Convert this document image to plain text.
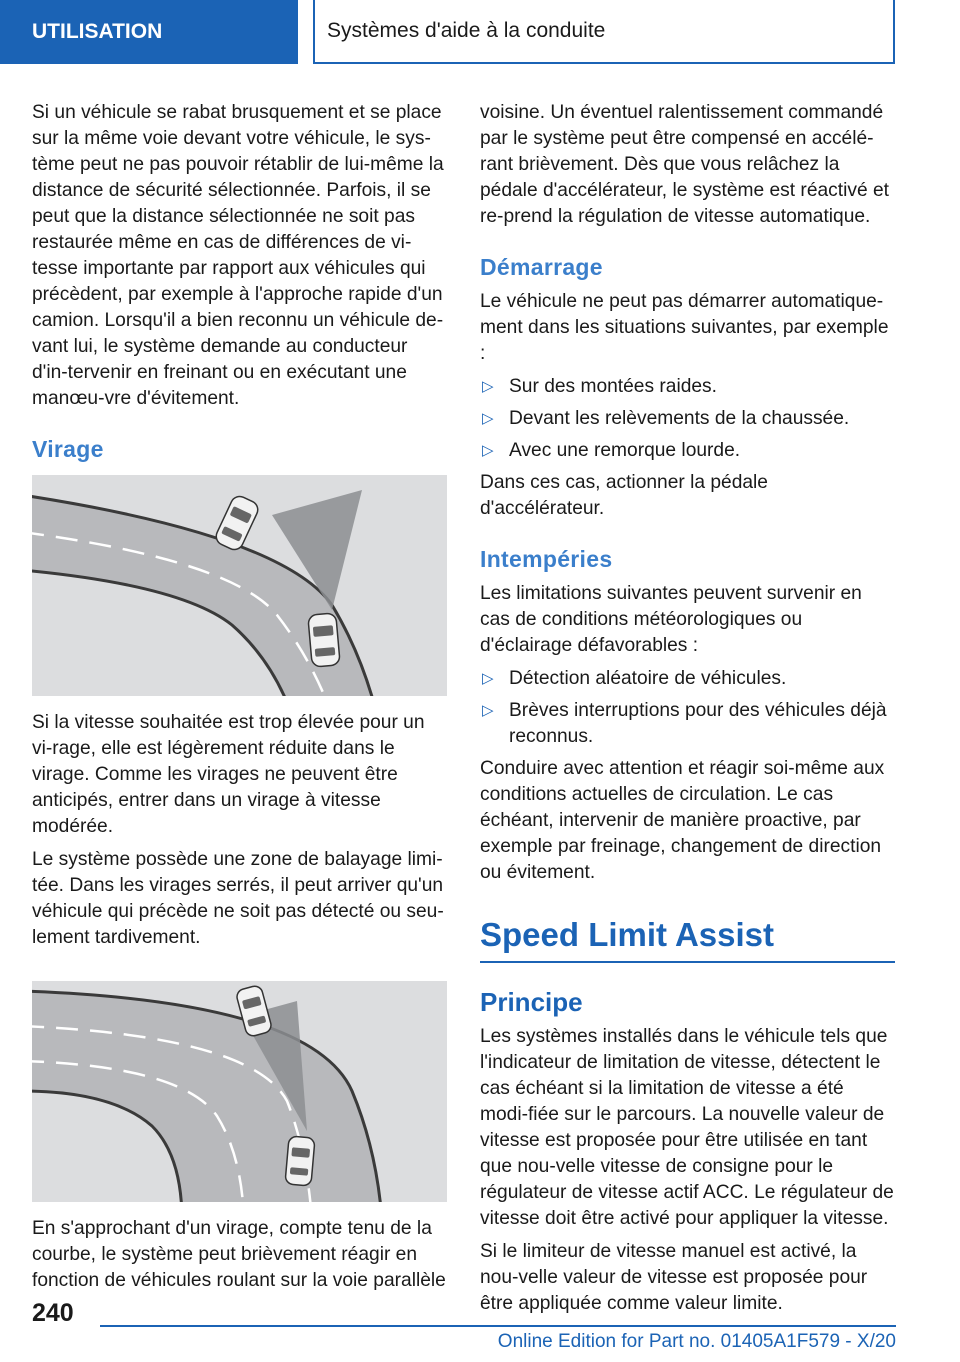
UTILISATION	Systèmes d'aide à la conduite

Si un véhicule se rabat brusquement et se place sur la même voie devant votre véhicule, le sys-tème peut ne pas pouvoir rétablir de lui-même la distance de sécurité sélectionnée. Parfois, il se peut que la distance sélectionnée ne soit pas restaurée même en cas de différences de vi-tesse importante par rapport aux véhicules qui précèdent, par exemple à l'approche rapide d'un camion. Lorsqu'il a bien reconnu un véhicule de-vant lui, le système demande au conducteur d'in-tervenir en freinant ou en exécutant une manœu-vre d'évitement.

Virage

Si la vitesse souhaitée est trop élevée pour un vi-rage, elle est légèrement réduite dans le virage. Comme les virages ne peuvent être anticipés, entrer dans un virage à vitesse modérée.

Le système possède une zone de balayage limi-tée. Dans les virages serrés, il peut arriver qu'un véhicule qui précède ne soit pas détecté ou seu-lement tardivement.

En s'approchant d'un virage, compte tenu de la courbe, le système peut brièvement réagir en fonction de véhicules roulant sur la voie parallèle

voisine. Un éventuel ralentissement commandé par le système peut être compensé en accélé-rant brièvement. Dès que vous relâchez la pédale d'accélérateur, le système est réactivé et re-prend la régulation de vitesse automatique.

Démarrage

Le véhicule ne peut pas démarrer automatique-ment dans les situations suivantes, par exemple :

▷ Sur des montées raides.
▷ Devant les relèvements de la chaussée.
▷ Avec une remorque lourde.

Dans ces cas, actionner la pédale d'accélérateur.

Intempéries

Les limitations suivantes peuvent survenir en cas de conditions météorologiques ou d'éclairage défavorables :

▷ Détection aléatoire de véhicules.
▷ Brèves interruptions pour des véhicules déjà reconnus.

Conduire avec attention et réagir soi-même aux conditions actuelles de circulation. Le cas échéant, intervenir de manière proactive, par exemple par freinage, changement de direction ou évitement.

Speed Limit Assist
Principe

Les systèmes installés dans le véhicule tels que l'indicateur de limitation de vitesse, détectent le cas échéant si la limitation de vitesse a été modi-fiée sur le parcours. La nouvelle valeur de vitesse est proposée pour être utilisée en tant que nou-velle vitesse de consigne pour le régulateur de vitesse actif ACC. Le régulateur de vitesse doit être activé pour appliquer la vitesse.

Si le limiteur de vitesse manuel est activé, la nou-velle valeur de vitesse est proposée pour être appliquée comme valeur limite.

240
Online Edition for Part no. 01405A1F579 - X/20
